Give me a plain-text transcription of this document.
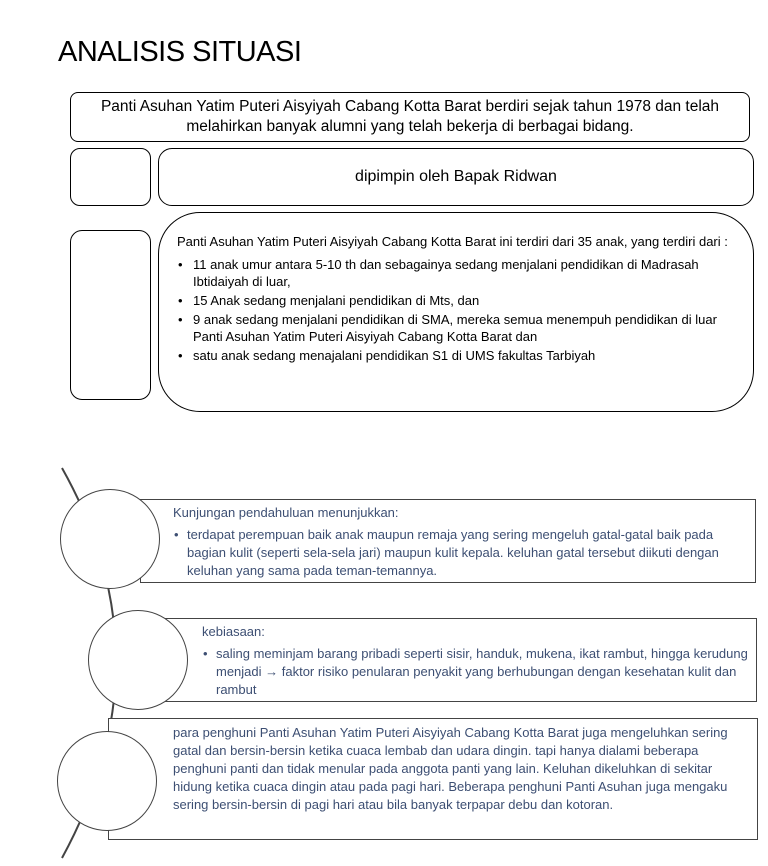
ANALISIS SITUASI
Panti Asuhan Yatim Puteri Aisyiyah Cabang Kotta Barat berdiri sejak tahun 1978 dan telah melahirkan banyak alumni yang telah bekerja di berbagai bidang.
dipimpin oleh Bapak Ridwan

Panti Asuhan Yatim Puteri Aisyiyah Cabang Kotta Barat ini terdiri dari 35 anak, yang terdiri dari :

• 11 anak umur antara 5-10 th dan sebagainya sedang menjalani pendidikan di Madrasah Ibtidaiyah di luar,
• 15 Anak sedang menjalani pendidikan di Mts, dan
• 9 anak sedang menjalani pendidikan di SMA, mereka semua menempuh pendidikan di luar Panti Asuhan Yatim Puteri Aisyiyah Cabang Kotta Barat dan
• satu anak sedang menajalani pendidikan S1 di UMS fakultas Tarbiyah
Kunjungan pendahuluan menunjukkan:
• terdapat perempuan baik anak maupun remaja yang sering mengeluh gatal-gatal baik pada bagian kulit (seperti sela-sela jari) maupun kulit kepala. keluhan gatal tersebut diikuti dengan keluhan yang sama pada teman-temannya.
kebiasaan:
• saling meminjam barang pribadi seperti sisir, handuk, mukena, ikat rambut, hingga kerudung menjadi → faktor risiko penularan penyakit yang berhubungan dengan kesehatan kulit dan rambut
para penghuni Panti Asuhan Yatim Puteri Aisyiyah Cabang Kotta Barat juga mengeluhkan sering gatal dan bersin-bersin ketika cuaca lembab dan udara dingin. tapi hanya dialami beberapa penghuni panti dan tidak menular pada anggota panti yang lain. Keluhan dikeluhkan di sekitar hidung ketika cuaca dingin atau pada pagi hari. Beberapa penghuni Panti Asuhan juga mengaku sering bersin-bersin di pagi hari atau bila banyak terpapar debu dan kotoran.
